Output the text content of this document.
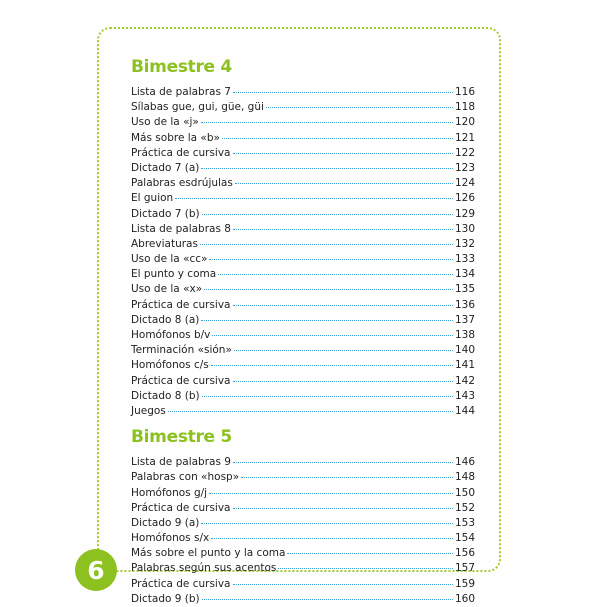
Bimestre 4
Lista de palabras 7	116
Sílabas gue, gui, güe, güi	118
Uso de la «j»	120
Más sobre la «b»	121
Práctica de cursiva	122
Dictado 7 (a)	123
Palabras esdrújulas	124
El guion	126
Dictado 7 (b)	129
Lista de palabras 8	130
Abreviaturas	132
Uso de la «cc»	133
El punto y coma	134
Uso de la «x»	135
Práctica de cursiva	136
Dictado 8 (a)	137
Homófonos b/v	138
Terminación «sión»	140
Homófonos c/s	141
Práctica de cursiva	142
Dictado 8 (b)	143
Juegos	144
Bimestre 5
Lista de palabras 9	146
Palabras con «hosp»	148
Homófonos g/j	150
Práctica de cursiva	152
Dictado 9 (a)	153
Homófonos s/x	154
Más sobre el punto y la coma	156
Palabras según sus acentos	157
Práctica de cursiva	159
Dictado 9 (b)	160
6
